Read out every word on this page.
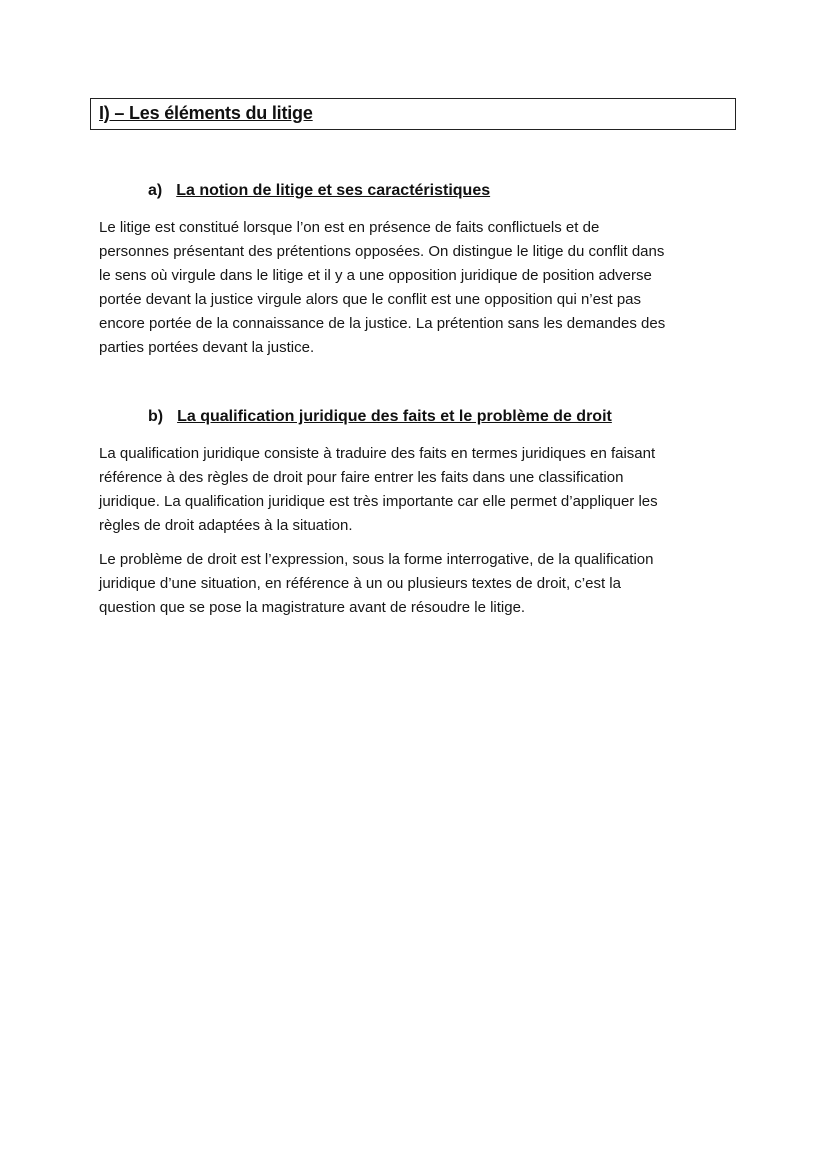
I) – Les éléments du litige
a) La notion de litige et ses caractéristiques

Le litige est constitué lorsque l’on est en présence de faits conflictuels et de
personnes présentant des prétentions opposées. On distingue le litige du conflit dans
le sens où virgule dans le litige et il y a une opposition juridique de position adverse
portée devant la justice virgule alors que le conflit est une opposition qui n’est pas
encore portée de la connaissance de la justice. La prétention sans les demandes des
parties portées devant la justice.

b) La qualification juridique des faits et le problème de droit

La qualification juridique consiste à traduire des faits en termes juridiques en faisant
référence à des règles de droit pour faire entrer les faits dans une classification
juridique. La qualification juridique est très importante car elle permet d’appliquer les
règles de droit adaptées à la situation.

Le problème de droit est l’expression, sous la forme interrogative, de la qualification
juridique d’une situation, en référence à un ou plusieurs textes de droit, c’est la
question que se pose la magistrature avant de résoudre le litige.
